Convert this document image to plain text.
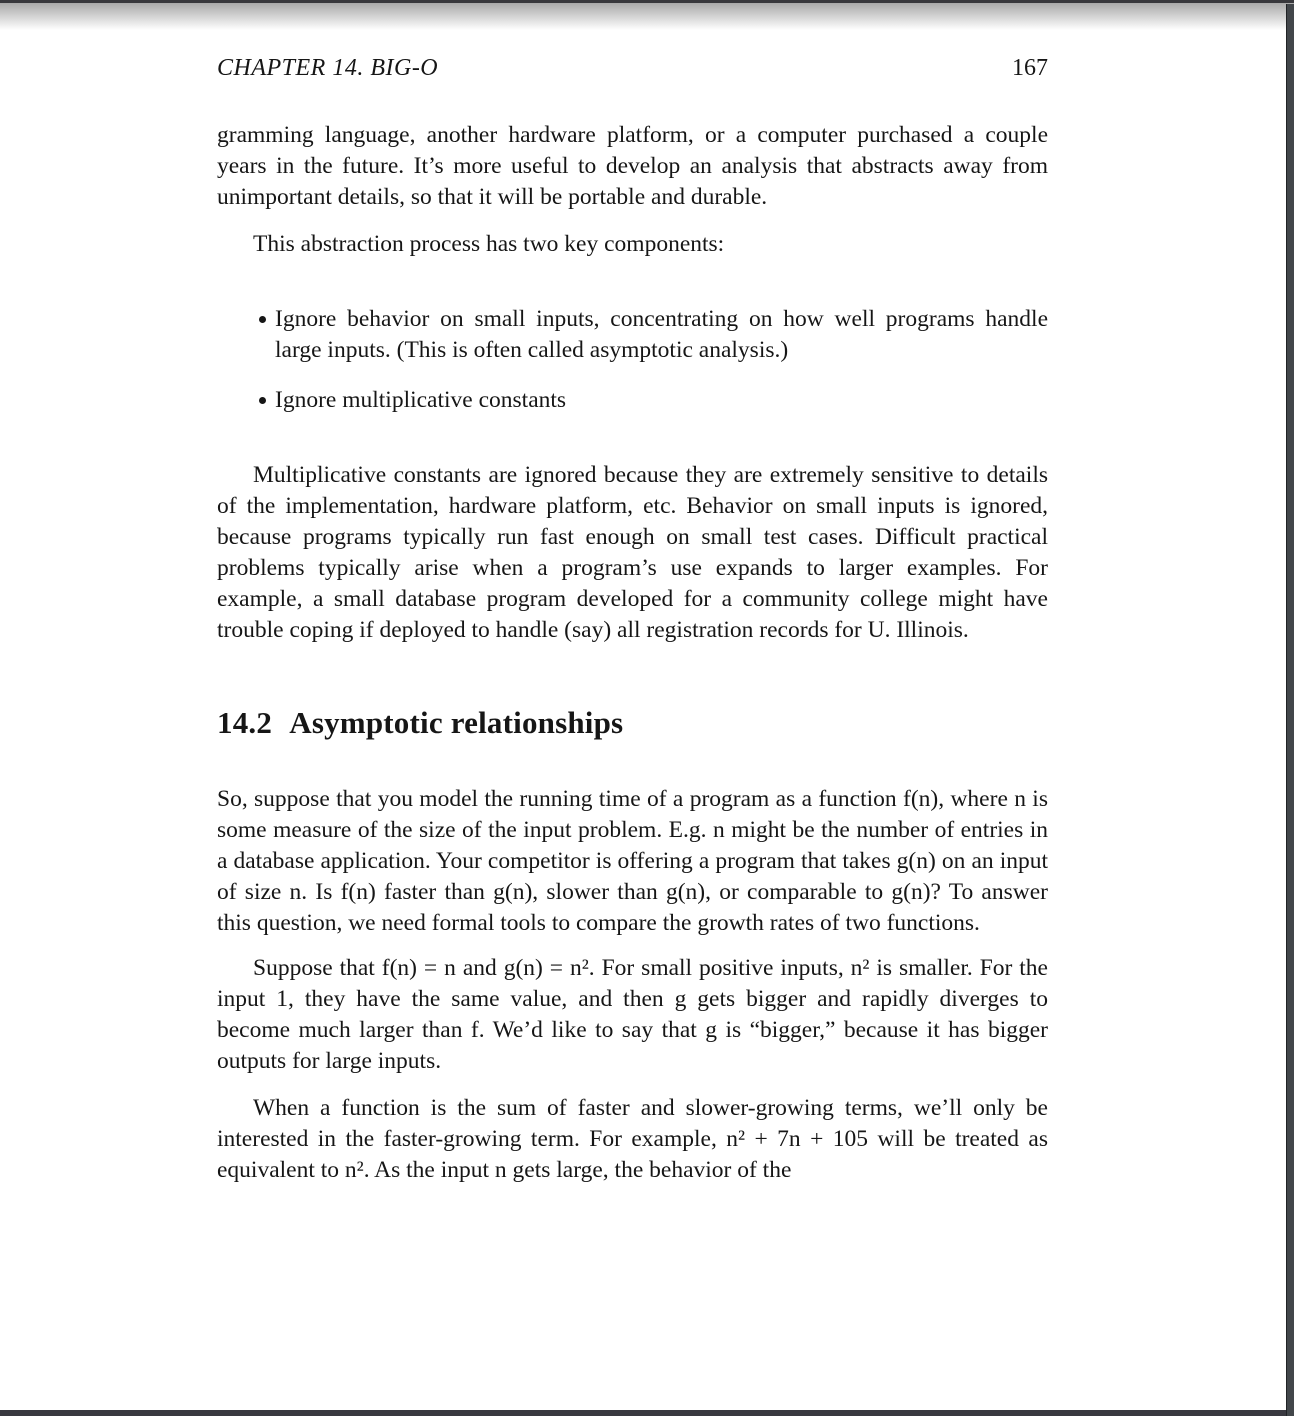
CHAPTER 14. BIG-O	167

gramming language, another hardware platform, or a computer purchased a couple years in the future. It’s more useful to develop an analysis that abstracts away from unimportant details, so that it will be portable and durable.

This abstraction process has two key components:

Ignore behavior on small inputs, concentrating on how well programs handle large inputs. (This is often called asymptotic analysis.)
Ignore multiplicative constants

Multiplicative constants are ignored because they are extremely sensitive to details of the implementation, hardware platform, etc. Behavior on small inputs is ignored, because programs typically run fast enough on small test cases. Difficult practical problems typically arise when a program’s use expands to larger examples. For example, a small database program developed for a community college might have trouble coping if deployed to handle (say) all registration records for U. Illinois.

14.2 Asymptotic relationships

So, suppose that you model the running time of a program as a function f(n), where n is some measure of the size of the input problem. E.g. n might be the number of entries in a database application. Your competitor is offering a program that takes g(n) on an input of size n. Is f(n) faster than g(n), slower than g(n), or comparable to g(n)? To answer this question, we need formal tools to compare the growth rates of two functions.

Suppose that f(n) = n and g(n) = n². For small positive inputs, n² is smaller. For the input 1, they have the same value, and then g gets bigger and rapidly diverges to become much larger than f. We’d like to say that g is “bigger,” because it has bigger outputs for large inputs.

When a function is the sum of faster and slower-growing terms, we’ll only be interested in the faster-growing term. For example, n² + 7n + 105 will be treated as equivalent to n². As the input n gets large, the behavior of the
